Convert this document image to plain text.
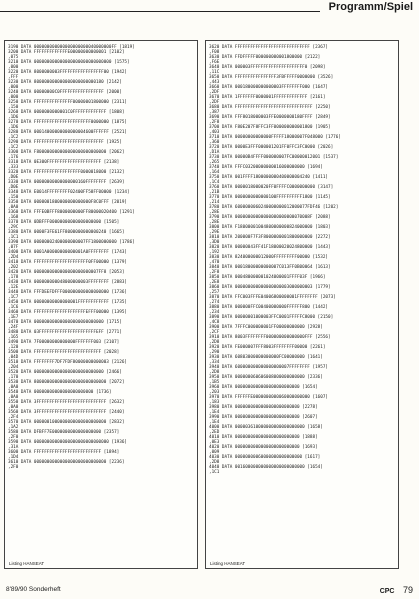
Programm/Spiel
3190 DATA 000000000000000000000040000000FF [1819]
3200 DATA FFFFFFFFFFFFFE00000000000001 [2102]
,075
3210 DATA 000000000000000000000000000000 [1575]
,000
3220 DATA 8000000003FFFFFFFFFFFFFFFFF00 [1942]
,FFF
3230 DATA 800000000000000000000000180 [2142]
,000
3240 DATA 00000000C0FFFFFFFFFFFFFFFFF [2000]
,000
3250 DATA FFFFFFFFFFFFFFF00000001800000 [2311]
,150
3260 DATA 0000000000001C0FFFFFFFFFFFFF [1808]
,1D6
3270 DATA FFFFFFFFFFFFFFFFFFFFFF0000000 [1875]
,1D6
3280 DATA 00014000000000000004600FFFFFF [2521]
,1C2
3290 DATA FFFFFFFFFFFFFFFFFFFFFFFFFFF [1925]
,1C2
3300 DATA F800000000000000000000000000 [2062]
,176
3310 DATA 0E300FFFFFFFFFFFFFFFFFFFFF [2138]
,333
3320 DATA FFFFFFFFFFFFFFFFFF0000018000 [2132]
,D0E
3330 DATA 00000000000000000160FFFFFFFF [2639]
,D0E
3340 DATA E0014FFFFFFFFF02400FF58FF00000 [1234]
,150
3350 DATA 0000001800000000000000F8C0FFF [2019]
,0A0
3360 DATA FFFE0BFFF8000000000FF80000020400 [1291]
,168
3370 DATA 0DBFFF00000000000000000000 [1505]
,29C
3380 DATA 0000F3FE61FF8000000000000240 [1665]
,1C1
3390 DATA 00000002400000000007FF1800000000 [1786]
,07F
3400 DATA 0001A00000000000001A0FFFFFFFF [1743]
,2D4
3410 DATA FFFFFFFFFFFFFFFFFFFFF0FF00000 [1379]
,202
3420 DATA 0000000000000000000000007FF8 [2053]
,178
3430 DATA 000000000048000000003FFFFFFFF [2883]
,12E
3440 DATA FFFDEEFDFFF000000000000000000 [1736]
,1C7
3450 DATA 00000000000000001FFFFFFFFFFFF [1735]
,1C6
3460 DATA FFFFFFFFFFFFFFFFFFFFEFFF00000 [1395]
,1E7
3470 DATA 000000000000000000000000000 [1715]
,24F
3480 DATA 03FFFFFFFFFFFFFFFFFFFFFFEFF [2771]
,165
3490 DATA 7F00000000000000FFFFFFF003 [2107]
,120
3500 DATA FFFFFFFFFFFFFFFFFFFFFFFFFF [2028]
,04D
3510 DATA FFFFFFFF7DF7FDF80000000000003 [2126]
,204
3520 DATA 000000000000000000000000000 [2466]
,170
3530 DATA 8000000000000000000000000000 [2072]
,0A0
3540 DATA 00000000000000000000000 [1736]
,0A0
3550 DATA 3FFFFFFFFFFFFFFFFFFFFFFFFFFF [2632]
,0A0
3560 DATA 3FFFFFFFFFFFFFFFFFFFFFFFFFFF [2440]
,2F4
3570 DATA 0000001000000000000000000000 [2832]
,1A2
3580 DATA DFBFF7E0000000000000000000 [2357]
,2F0
3590 DATA 00000000000000000000000000000 [1936]
,31A
3600 DATA FFFFFFFFFFFFFFFFFFFFFFFFFF [1894]
,1D4
3610 DATA 0000000000000000000000000000 [2236]
,2F0
Listing HANSEAT
3620 DATA FFFFFFFFFFFFFFFFFFFFFFFFFFFFF [2367]
,F08
3630 DATA FFDFFFFF000000000001800000 [2122]
,F6E
3640 DATA 000003FFFFFFFFFFFFFFFFFFFFF0 [2098]
,11C
3650 DATA FFFFFFFFFFFFFFFF3FBFFFFF0000000 [3526]
,443
3660 DATA 000180000000000003FFFFFFFF000 [1647]
,2DF
3670 DATA 1FFFFFFF0000001FFFFFFFFFFFFF [2161]
,2DF
3680 DATA FFFFFFFFFFFFFFFFFFFFFFFFFFFFFF [2250]
,387
3690 DATA FFF8018000003FFE0000000180FFFF [2849]
,2F8
3700 DATA F80E207F8FFC3FF000000000001800 [1905]
,403
3710 DATA 00000000000000FFFFF18000007F048000 [1776]
,360
3720 DATA 0000E3FFF000001201FF0FFC3FC0000 [2026]
,D1A
3730 DATA 00000B4FFFF000000007FC00000012001 [1537]
,265
3740 DATA FFFC03200000000016000000000 [1694]
,164
3750 DATA 001FFFF1800000000400000004240 [1411]
,1C4
3760 DATA 0000018000020FF0FFFFC0000000000 [3147]
,21B
3770 DATA 0000000000000100FFFFFFFFFF1800 [1145]
,214
3780 DATA 6000000060240000000012000077FDF46 [1202]
,28E
3790 DATA 00000000000000000000000070008F [2088]
,28E
3800 DATA F18000001004800000000824000000 [1803]
,29E
3810 DATA 200000F7F3F8000000001800000000 [2272]
,3D0
3820 DATA 00000043FF41F18000020024800000 [1443]
,192
3830 DATA 824000000012000FFFFFFFFF00000 [1532]
,470
3840 DATA 00018000000000007C013FF0B00064 [1613]
,2F8
3850 DATA 000480000001024000001FFFF03F [1966]
,2E8
3860 DATA 000000000000000000003000000003 [1779]
,257
3870 DATA FFC003FFFE04006800000001FFFFFFFF [2073]
,274
3880 DATA 000000FFC00400000000FFFFFF800 [1442]
,234
3890 DATA 00000001000003FFC0001FFFFFC8000 [2150]
,4C8
3900 DATA 7FFFC000000001FF00000000000 [2928]
,2CF
3910 DATA 8003FFFFFFFF000000000000000FFF [2556]
,2D8
3920 DATA FE000007FFF8003FFFFFFFF00000 [2261]
,290
3930 DATA 60803000000000000FC00000000 [1641]
,334
3940 DATA 600000000000000000007FFFFFFFF [1957]
,2D8
3950 DATA 000000060606008000000000000 [2336]
,1B5
3960 DATA 0000000000000000000000000 [1654]
,203
3970 DATA FFFFFFE0000000000060000000000 [1607]
,183
3980 DATA 0000000000000000000000000 [2278]
,1E4
3990 DATA 0000000000000000000000000 [2607]
,1E4
4000 DATA 000003610000000000000000000 [1658]
,2ED
4010 DATA 0000000000000000000000000 [1888]
,0E3
4020 DATA 0000000000000000000000000 [1693]
,009
4030 DATA 00000000060000000000000000 [1617]
,2D8
4040 DATA 001600000000000000000000000 [1654]
,1C1
Listing HANSEAT
8'89/90 Sonderheft	CPC 79
